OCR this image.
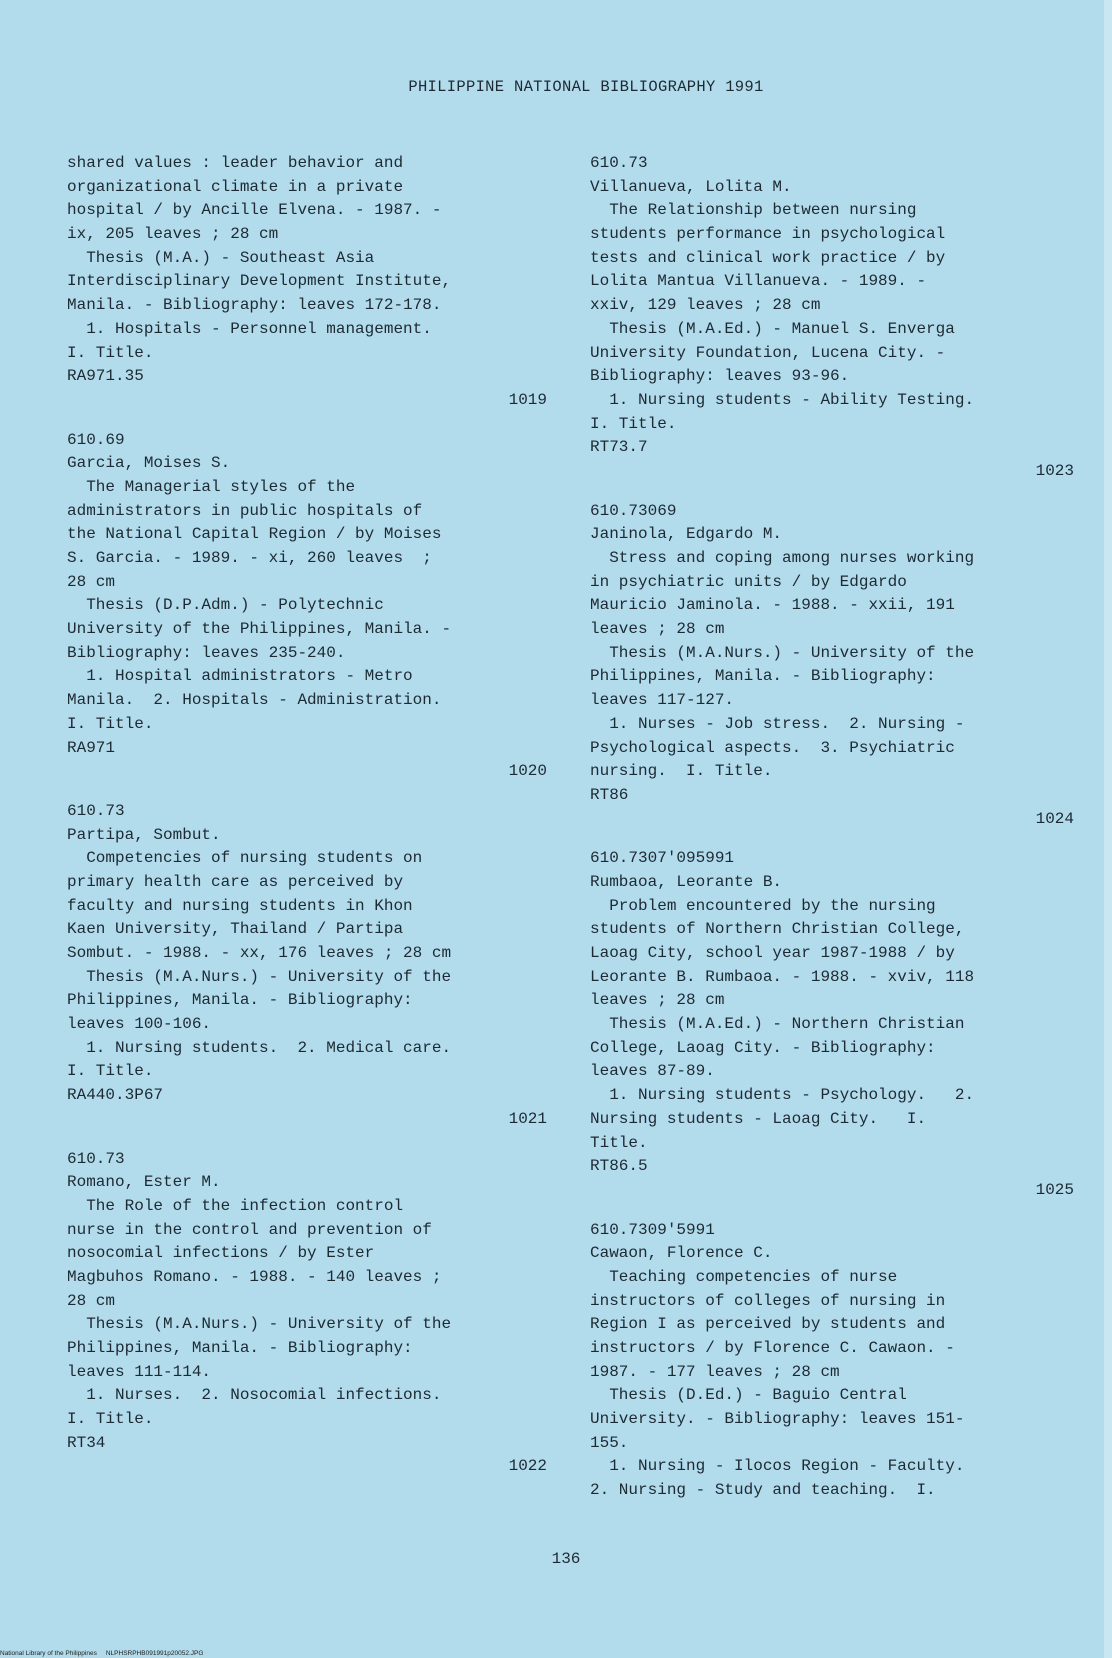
PHILIPPINE NATIONAL BIBLIOGRAPHY 1991
shared values : leader behavior and
organizational climate in a private
hospital / by Ancille Elvena. - 1987. -
ix, 205 leaves ; 28 cm
Thesis (M.A.) - Southeast Asia
Interdisciplinary Development Institute,
Manila. - Bibliography: leaves 172-178.
1. Hospitals - Personnel management.
I. Title.
RA971.35
1019
610.69
Garcia, Moises S.
The Managerial styles of the
administrators in public hospitals of
the National Capital Region / by Moises
S. Garcia. - 1989. - xi, 260 leaves  ;
28 cm
Thesis (D.P.Adm.) - Polytechnic
University of the Philippines, Manila. -
Bibliography: leaves 235-240.
1. Hospital administrators - Metro
Manila.  2. Hospitals - Administration.
I. Title.
RA971
1020
610.73
Partipa, Sombut.
Competencies of nursing students on
primary health care as perceived by
faculty and nursing students in Khon
Kaen University, Thailand / Partipa
Sombut. - 1988. - xx, 176 leaves ; 28 cm
Thesis (M.A.Nurs.) - University of the
Philippines, Manila. - Bibliography:
leaves 100-106.
1. Nursing students.  2. Medical care.
I. Title.
RA440.3P67
1021
610.73
Romano, Ester M.
The Role of the infection control
nurse in the control and prevention of
nosocomial infections / by Ester
Magbuhos Romano. - 1988. - 140 leaves ;
28 cm
Thesis (M.A.Nurs.) - University of the
Philippines, Manila. - Bibliography:
leaves 111-114.
1. Nurses.  2. Nosocomial infections.
I. Title.
RT34
1022
610.73
Villanueva, Lolita M.
The Relationship between nursing
students performance in psychological
tests and clinical work practice / by
Lolita Mantua Villanueva. - 1989. -
xxiv, 129 leaves ; 28 cm
Thesis (M.A.Ed.) - Manuel S. Enverga
University Foundation, Lucena City. -
Bibliography: leaves 93-96.
1. Nursing students - Ability Testing.
I. Title.
RT73.7
1023
610.73069
Janinola, Edgardo M.
Stress and coping among nurses working
in psychiatric units / by Edgardo
Mauricio Jaminola. - 1988. - xxii, 191
leaves ; 28 cm
Thesis (M.A.Nurs.) - University of the
Philippines, Manila. - Bibliography:
leaves 117-127.
1. Nurses - Job stress.  2. Nursing -
Psychological aspects.  3. Psychiatric
nursing.  I. Title.
RT86
1024
610.7307'095991
Rumbaoa, Leorante B.
Problem encountered by the nursing
students of Northern Christian College,
Laoag City, school year 1987-1988 / by
Leorante B. Rumbaoa. - 1988. - xviv, 118
leaves ; 28 cm
Thesis (M.A.Ed.) - Northern Christian
College, Laoag City. - Bibliography:
leaves 87-89.
1. Nursing students - Psychology.   2.
Nursing students - Laoag City.   I.
Title.
RT86.5
1025
610.7309'5991
Cawaon, Florence C.
Teaching competencies of nurse
instructors of colleges of nursing in
Region I as perceived by students and
instructors / by Florence C. Cawaon. -
1987. - 177 leaves ; 28 cm
Thesis (D.Ed.) - Baguio Central
University. - Bibliography: leaves 151-
155.
1. Nursing - Ilocos Region - Faculty.
2. Nursing - Study and teaching.  I.
136
National Library of the Philippines     NLPHSRPHB091991p20052.JPG
